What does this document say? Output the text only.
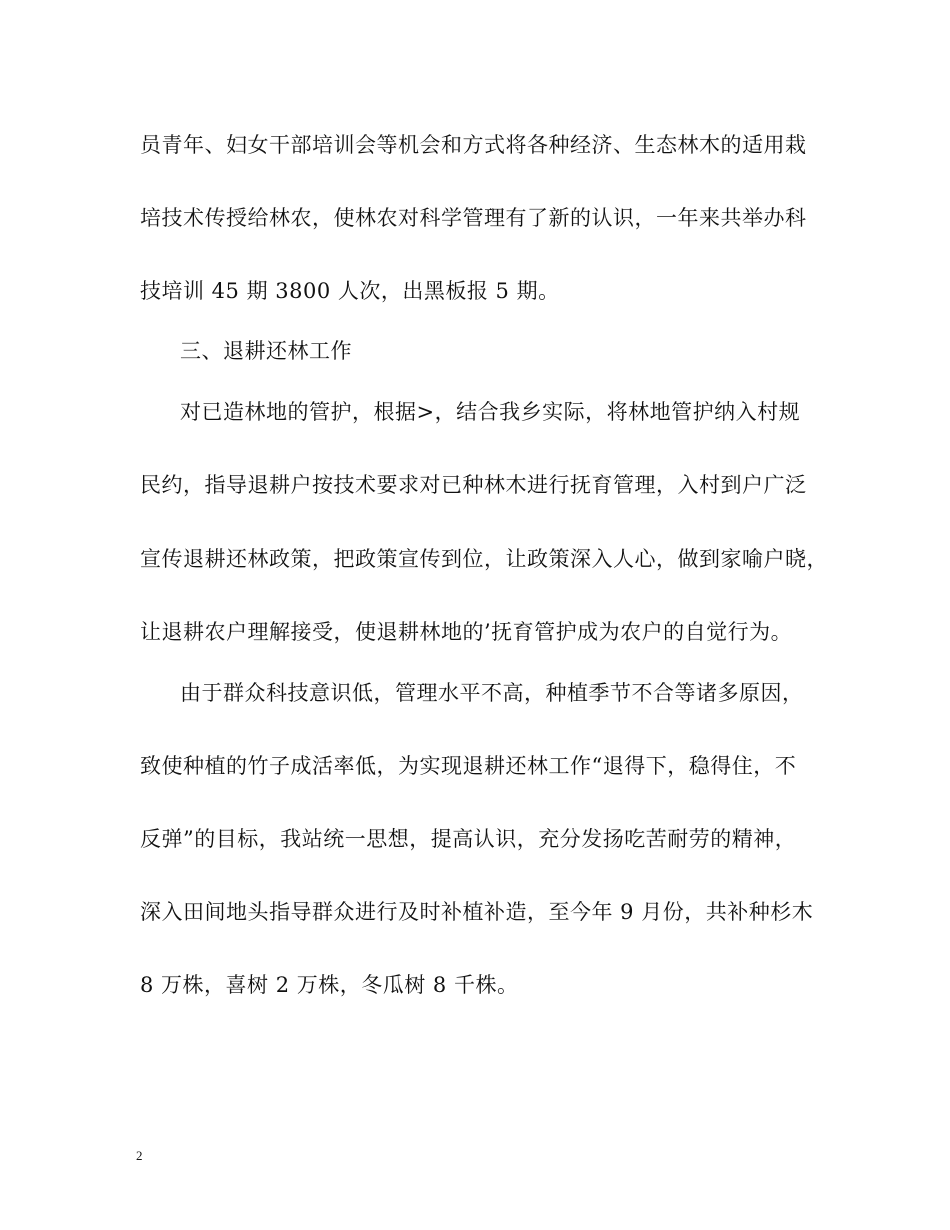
员青年、妇女干部培训会等机会和方式将各种经济、生态林木的适用栽
培技术传授给林农，使林农对科学管理有了新的认识，一年来共举办科
技培训 45 期 3800 人次，出黑板报 5 期。
三、退耕还林工作
对已造林地的管护，根据>，结合我乡实际，将林地管护纳入村规
民约，指导退耕户按技术要求对已种林木进行抚育管理，入村到户广泛
宣传退耕还林政策，把政策宣传到位，让政策深入人心，做到家喻户晓，
让退耕农户理解接受，使退耕林地的’抚育管护成为农户的自觉行为。
由于群众科技意识低，管理水平不高，种植季节不合等诸多原因，
致使种植的竹子成活率低，为实现退耕还林工作“退得下，稳得住，不
反弹”的目标，我站统一思想，提高认识，充分发扬吃苦耐劳的精神，
深入田间地头指导群众进行及时补植补造，至今年 9 月份，共补种杉木
8 万株，喜树 2 万株，冬瓜树 8 千株。
2
